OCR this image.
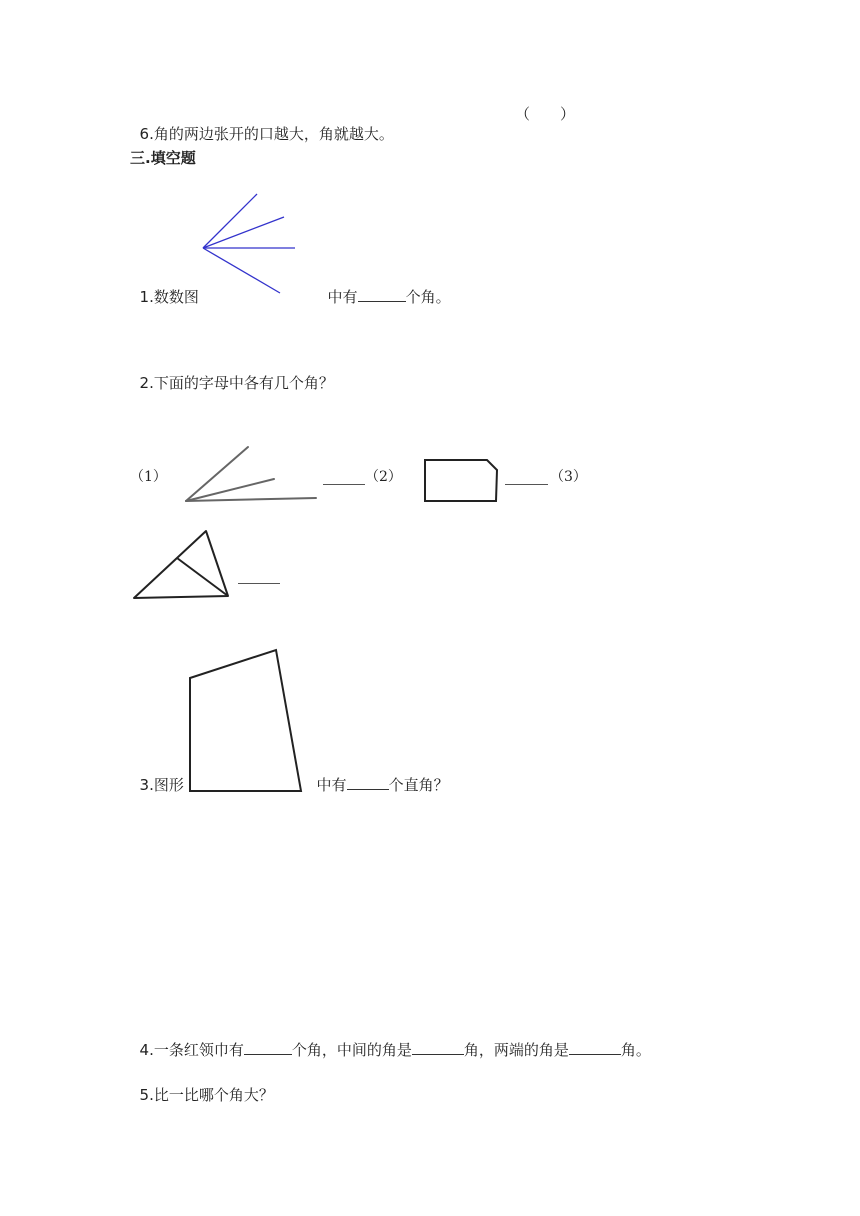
6.角的两边张开的口越大，角就越大。

（　　）
三.填空题

1.数数图	中有	个角。

2.下面的字母中各有几个角？

（1）	（2）	（3）

3.图形	中有	个直角？

4.一条红领巾有	个角，中间的角是	角，两端的角是	角。

5.比一比哪个角大？
